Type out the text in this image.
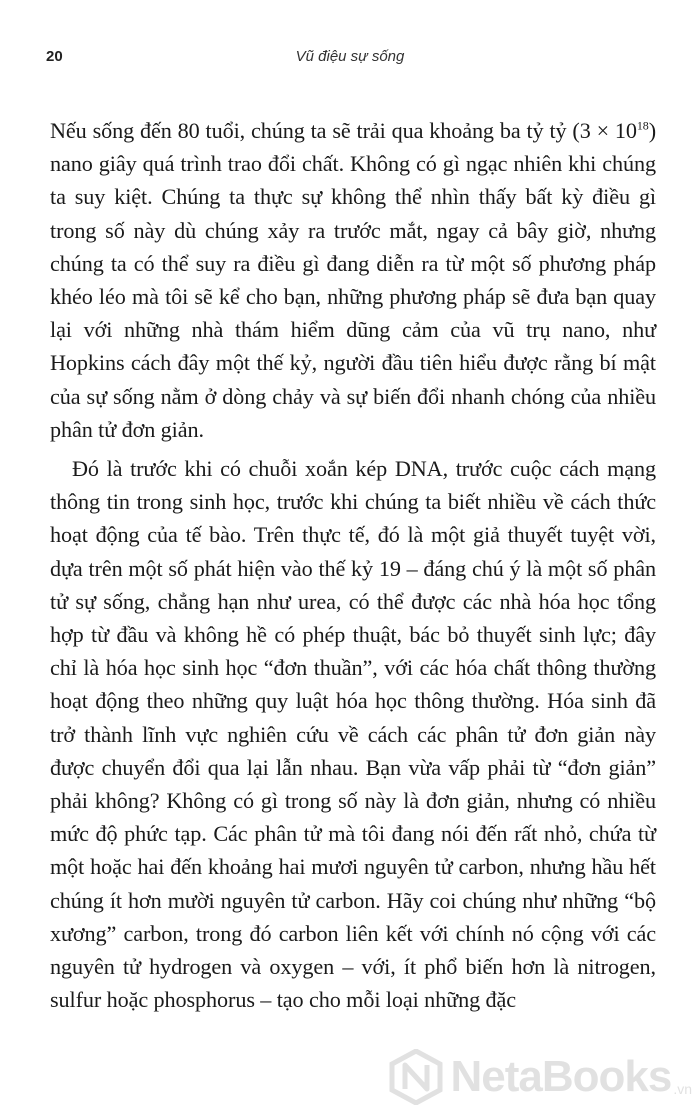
20	Vũ điệu sự sống

Nếu sống đến 80 tuổi, chúng ta sẽ trải qua khoảng ba tỷ tỷ $(3 \times 10^{18})$ nano giây quá trình trao đổi chất. Không có gì ngạc nhiên khi chúng ta suy kiệt. Chúng ta thực sự không thể nhìn thấy bất kỳ điều gì trong số này dù chúng xảy ra trước mắt, ngay cả bây giờ, nhưng chúng ta có thể suy ra điều gì đang diễn ra từ một số phương pháp khéo léo mà tôi sẽ kể cho bạn, những phương pháp sẽ đưa bạn quay lại với những nhà thám hiểm dũng cảm của vũ trụ nano, như Hopkins cách đây một thế kỷ, người đầu tiên hiểu được rằng bí mật của sự sống nằm ở dòng chảy và sự biến đổi nhanh chóng của nhiều phân tử đơn giản.

Đó là trước khi có chuỗi xoắn kép DNA, trước cuộc cách mạng thông tin trong sinh học, trước khi chúng ta biết nhiều về cách thức hoạt động của tế bào. Trên thực tế, đó là một giả thuyết tuyệt vời, dựa trên một số phát hiện vào thế kỷ 19 – đáng chú ý là một số phân tử sự sống, chẳng hạn như urea, có thể được các nhà hóa học tổng hợp từ đầu và không hề có phép thuật, bác bỏ thuyết sinh lực; đây chỉ là hóa học sinh học “đơn thuần”, với các hóa chất thông thường hoạt động theo những quy luật hóa học thông thường. Hóa sinh đã trở thành lĩnh vực nghiên cứu về cách các phân tử đơn giản này được chuyển đổi qua lại lẫn nhau. Bạn vừa vấp phải từ “đơn giản” phải không? Không có gì trong số này là đơn giản, nhưng có nhiều mức độ phức tạp. Các phân tử mà tôi đang nói đến rất nhỏ, chứa từ một hoặc hai đến khoảng hai mươi nguyên tử carbon, nhưng hầu hết chúng ít hơn mười nguyên tử carbon. Hãy coi chúng như những “bộ xương” carbon, trong đó carbon liên kết với chính nó cộng với các nguyên tử hydrogen và oxygen – với, ít phổ biến hơn là nitrogen, sulfur hoặc phosphorus – tạo cho mỗi loại những đặc

NetaBooks .vn
